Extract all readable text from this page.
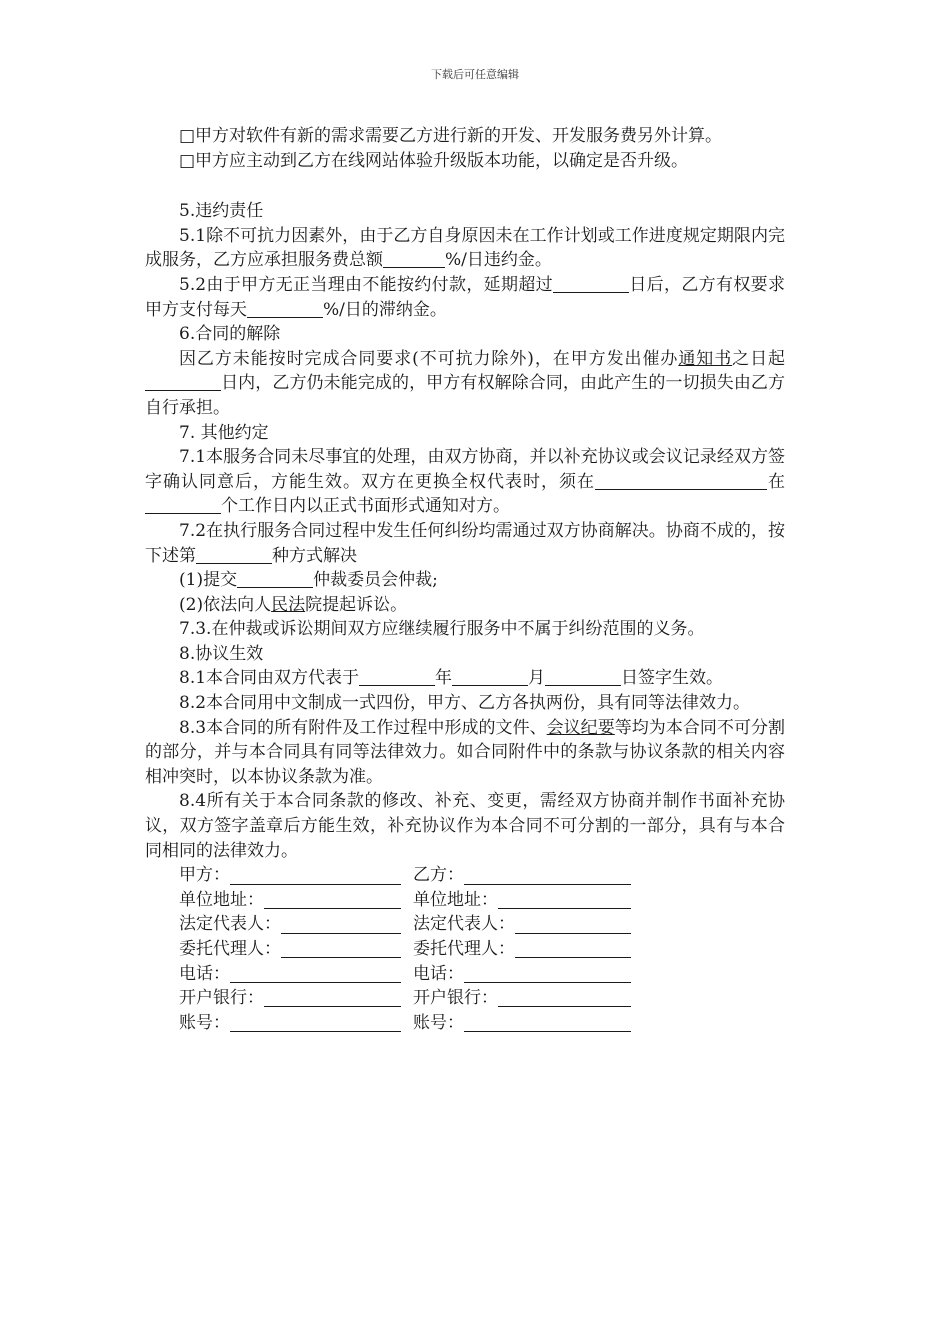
下载后可任意编辑

□甲方对软件有新的需求需要乙方进行新的开发、开发服务费另外计算。

□甲方应主动到乙方在线网站体验升级版本功能，以确定是否升级。

5.违约责任

5.1除不可抗力因素外，由于乙方自身原因未在工作计划或工作进度规定期限内完成服务，乙方应承担服务费总额	%/日违约金。

5.2由于甲方无正当理由不能按约付款，延期超过	日后，乙方有权要求甲方支付每天	%/日的滞纳金。

6.合同的解除

因乙方未能按时完成合同要求(不可抗力除外)，在甲方发出催办通知书之日起日内，乙方仍未能完成的，甲方有权解除合同，由此产生的一切损失由乙方自行承担。

7. 其他约定

7.1本服务合同未尽事宜的处理，由双方协商，并以补充协议或会议记录经双方签字确认同意后，方能生效。双方在更换全权代表时，须在	在个工作日内以正式书面形式通知对方。

7.2在执行服务合同过程中发生任何纠纷均需通过双方协商解决。协商不成的，按下述第	种方式解决

(1)提交	仲裁委员会仲裁;

(2)依法向人民法院提起诉讼。

7.3.在仲裁或诉讼期间双方应继续履行服务中不属于纠纷范围的义务。

8.协议生效

8.1本合同由双方代表于	年	月	日签字生效。

8.2本合同用中文制成一式四份，甲方、乙方各执两份，具有同等法律效力。

8.3本合同的所有附件及工作过程中形成的文件、会议纪要等均为本合同不可分割的部分，并与本合同具有同等法律效力。如合同附件中的条款与协议条款的相关内容相冲突时，以本协议条款为准。

8.4所有关于本合同条款的修改、补充、变更，需经双方协商并制作书面补充协议，双方签字盖章后方能生效，补充协议作为本合同不可分割的一部分，具有与本合同相同的法律效力。

甲方：	乙方：
单位地址：	单位地址：
法定代表人：	法定代表人：
委托代理人：	委托代理人：
电话：	电话：
开户银行：	开户银行：
账号：	账号：
